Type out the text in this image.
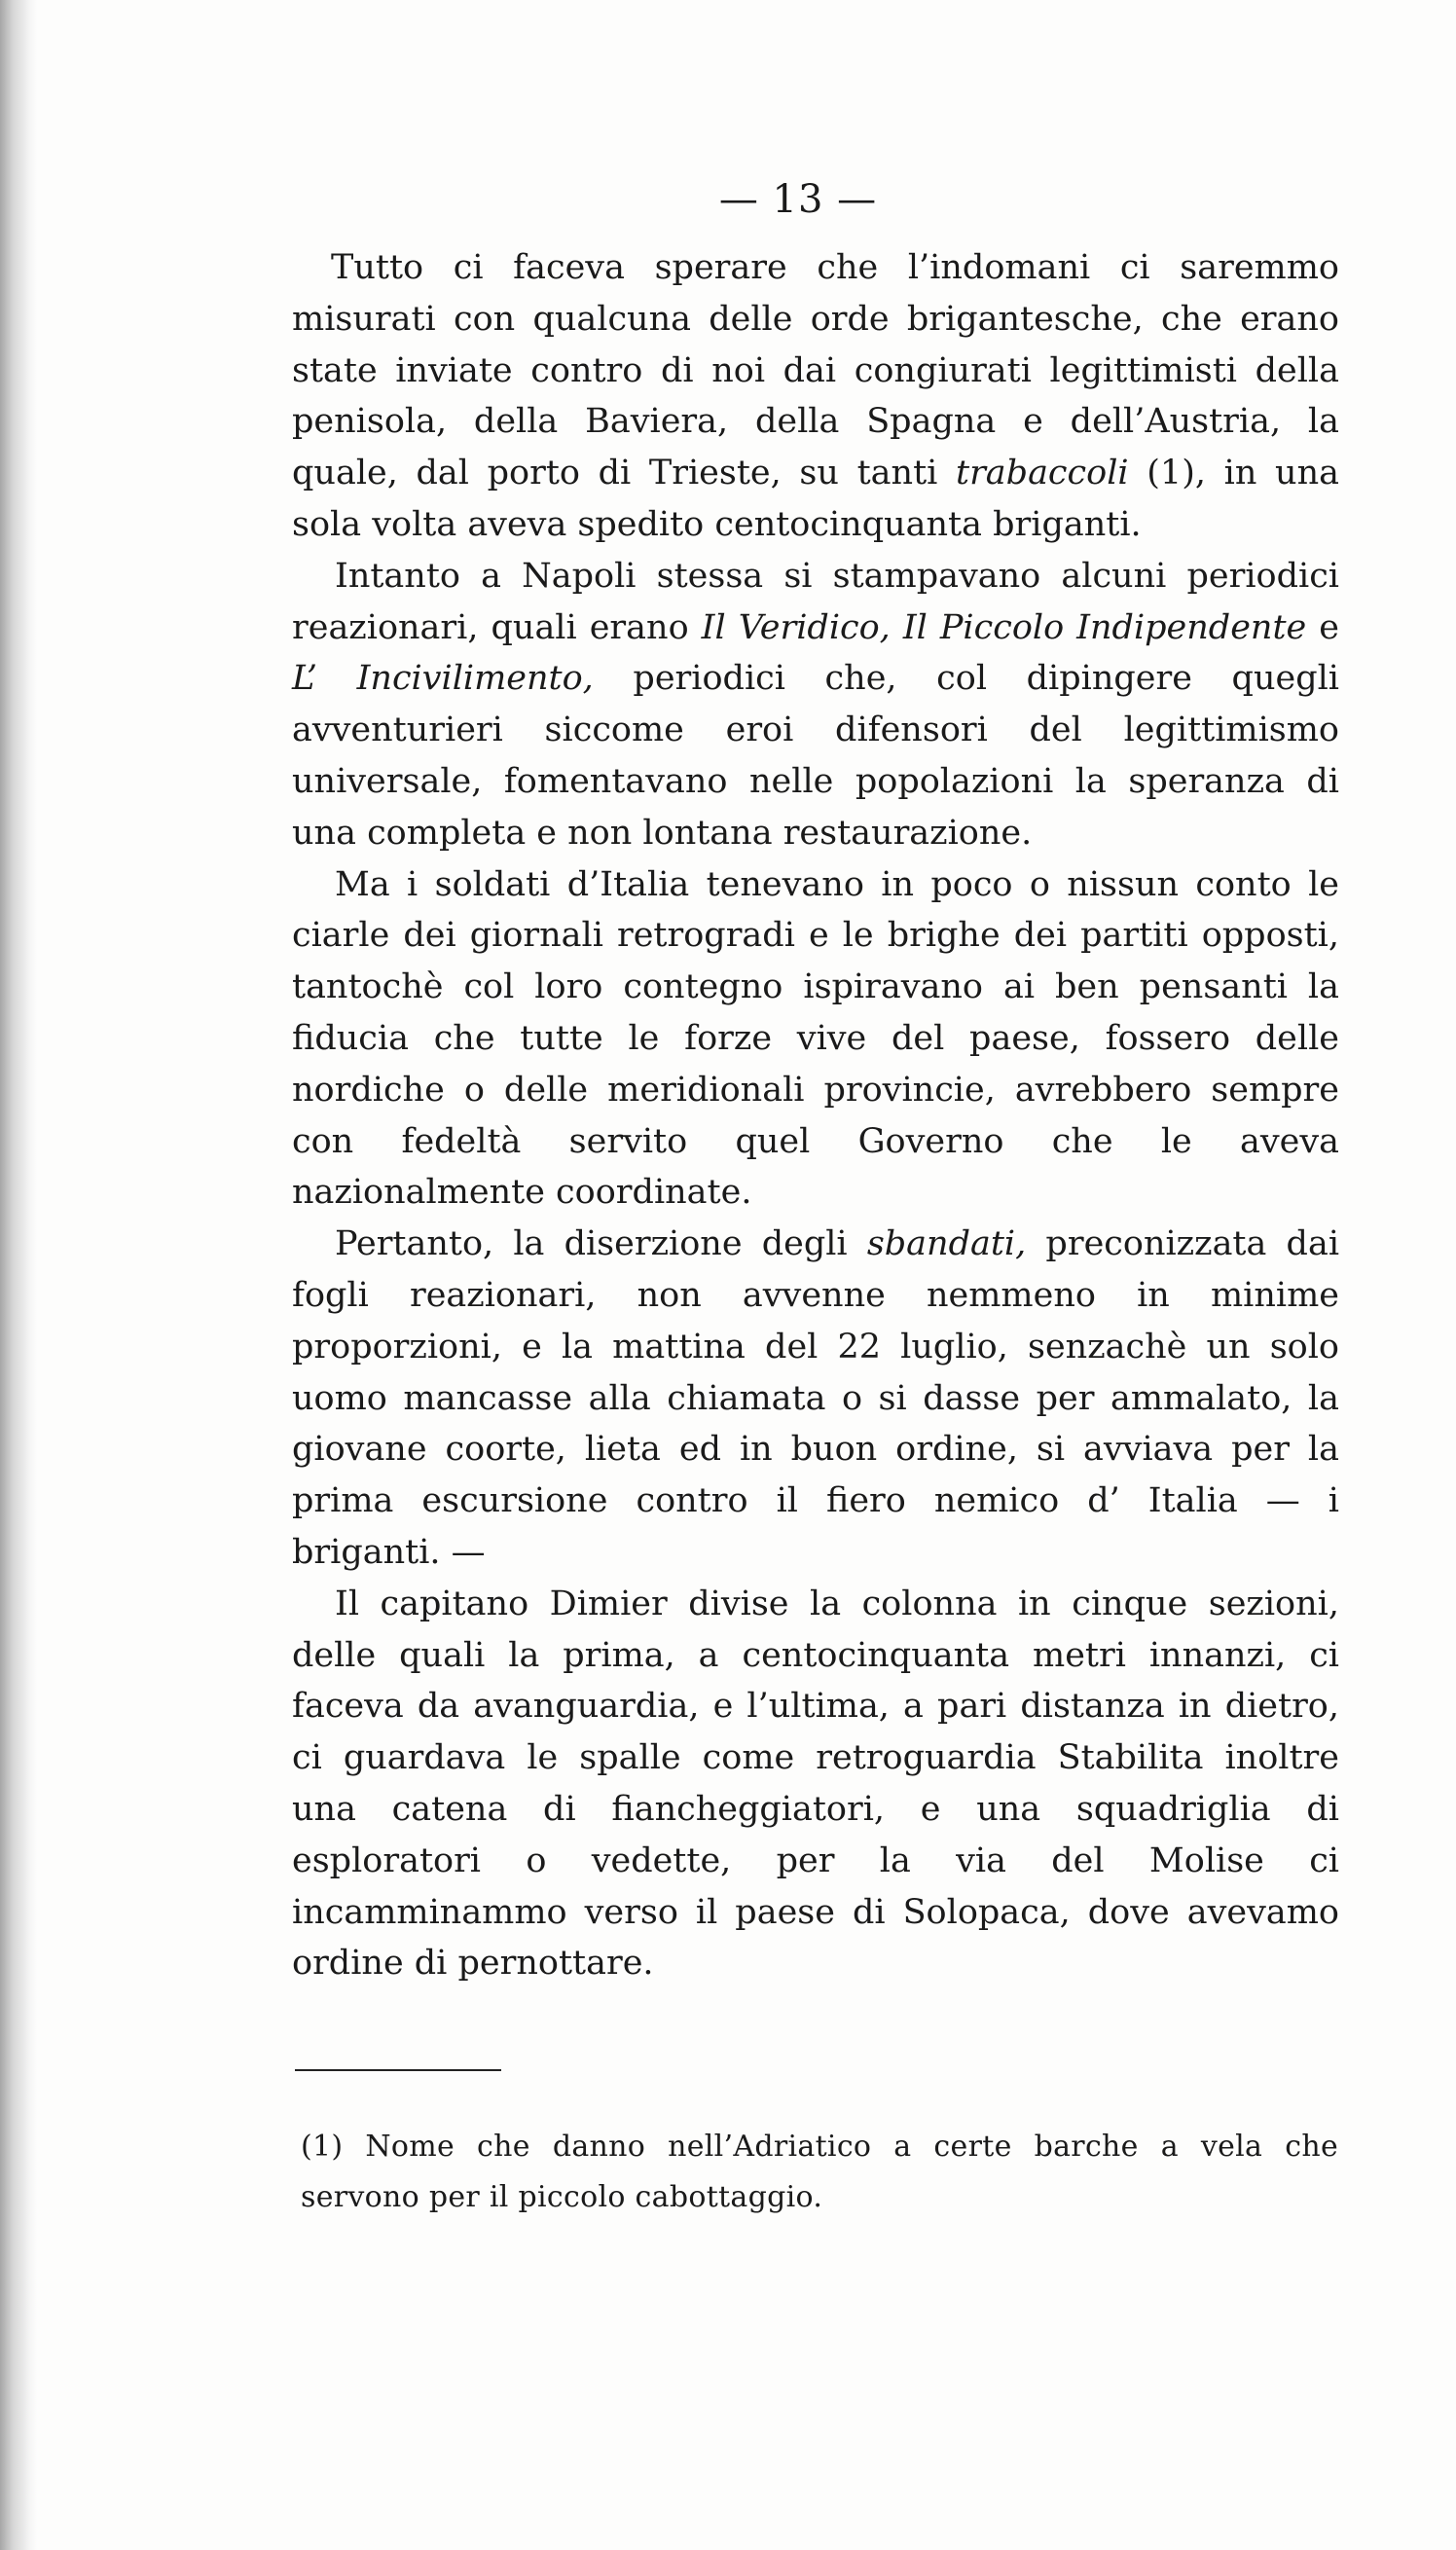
— 13 —

Tutto ci faceva sperare che l’indomani ci saremmo misurati con qualcuna delle orde brigantesche, che erano state inviate contro di noi dai congiurati legittimisti della penisola, della Baviera, della Spagna e dell’Austria, la quale, dal porto di Trieste, su tanti trabaccoli (1), in una sola volta aveva spedito centocinquanta briganti.

Intanto a Napoli stessa si stampavano alcuni periodici reazionari, quali erano Il Veridico, Il Piccolo Indipendente e L’ Incivilimento, periodici che, col dipingere quegli avventurieri siccome eroi difensori del legittimismo universale, fomentavano nelle popolazioni la speranza di una completa e non lontana restaurazione.

Ma i soldati d’Italia tenevano in poco o nissun conto le ciarle dei giornali retrogradi e le brighe dei partiti opposti, tantochè col loro contegno ispiravano ai ben pensanti la fiducia che tutte le forze vive del paese, fossero delle nordiche o delle meridionali provincie, avrebbero sempre con fedeltà servito quel Governo che le aveva nazionalmente coordinate.

Pertanto, la diserzione degli sbandati, preconizzata dai fogli reazionari, non avvenne nemmeno in minime proporzioni, e la mattina del 22 luglio, senzachè un solo uomo mancasse alla chiamata o si dasse per ammalato, la giovane coorte, lieta ed in buon ordine, si avviava per la prima escursione contro il fiero nemico d’ Italia — i briganti. —

Il capitano Dimier divise la colonna in cinque sezioni, delle quali la prima, a centocinquanta metri innanzi, ci faceva da avanguardia, e l’ultima, a pari distanza in dietro, ci guardava le spalle come retroguardia Stabilita inoltre una catena di fiancheggiatori, e una squadriglia di esploratori o vedette, per la via del Molise ci incamminammo verso il paese di Solopaca, dove avevamo ordine di pernottare.

(1) Nome che danno nell’Adriatico a certe barche a vela che servono per il piccolo cabottaggio.
